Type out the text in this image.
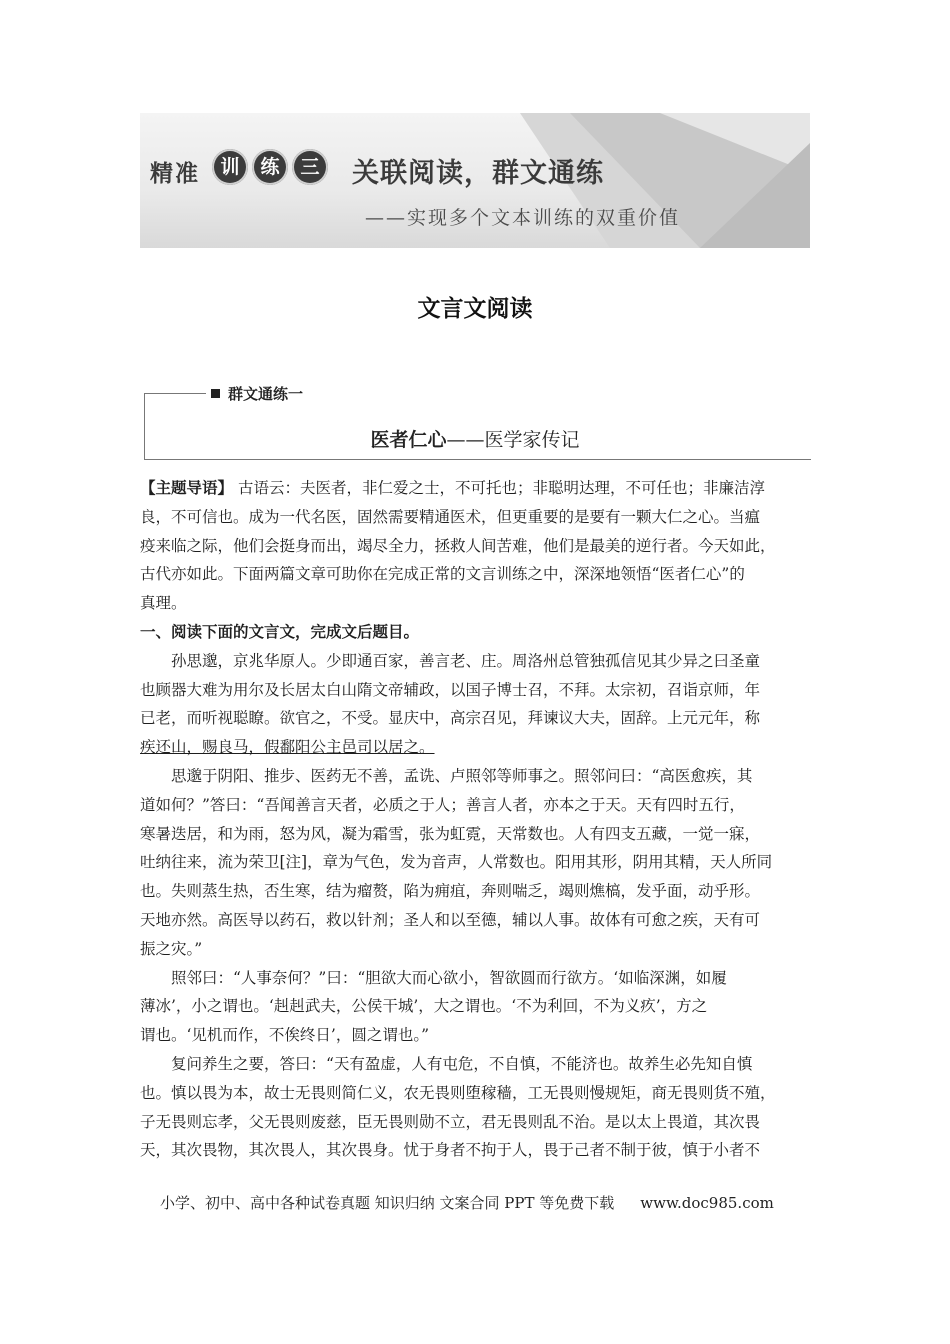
精准	训	练	三	关联阅读，群文通练
——实现多个文本训练的双重价值
文言文阅读
群文通练一
医者仁心——医学家传记
【主题导语】 古语云：夫医者，非仁爱之士，不可托也；非聪明达理，不可任也；非廉洁淳
良，不可信也。成为一代名医，固然需要精通医术，但更重要的是要有一颗大仁之心。当瘟
疫来临之际，他们会挺身而出，竭尽全力，拯救人间苦难，他们是最美的逆行者。今天如此，
古代亦如此。下面两篇文章可助你在完成正常的文言训练之中，深深地领悟“医者仁心”的
真理。
一、阅读下面的文言文，完成文后题目。
孙思邈，京兆华原人。少即通百家，善言老、庄。周洛州总管独孤信见其少异之曰圣童
也顾器大难为用尔及长居太白山隋文帝辅政，以国子博士召，不拜。太宗初，召诣京师，年
已老，而听视聪瞭。欲官之，不受。显庆中，高宗召见，拜谏议大夫，固辞。上元元年，称
疾还山，赐良马，假鄱阳公主邑司以居之。
思邈于阴阳、推步、医药无不善，孟诜、卢照邻等师事之。照邻问曰：“高医愈疾，其
道如何？”答曰：“吾闻善言天者，必质之于人；善言人者，亦本之于天。天有四时五行，
寒暑迭居，和为雨，怒为风，凝为霜雪，张为虹霓，天常数也。人有四支五藏，一觉一寐，
吐纳往来，流为荣卫[注]，章为气色，发为音声，人常数也。阳用其形，阴用其精，天人所同
也。失则蒸生热，否生寒，结为瘤赘，陷为痈疽，奔则喘乏，竭则燋槁，发乎面，动乎形。
天地亦然。高医导以药石，救以针剂；圣人和以至德，辅以人事。故体有可愈之疾，天有可
振之灾。”
照邻曰：“人事奈何？”曰：“胆欲大而心欲小，智欲圆而行欲方。‘如临深渊，如履
薄冰’，小之谓也。‘赳赳武夫，公侯干城’，大之谓也。‘不为利回，不为义疚’，方之
谓也。‘见机而作，不俟终日’，圆之谓也。”
复问养生之要，答曰：“天有盈虚，人有屯危，不自慎，不能济也。故养生必先知自慎
也。慎以畏为本，故士无畏则简仁义，农无畏则堕稼穑，工无畏则慢规矩，商无畏则货不殖，
子无畏则忘孝，父无畏则废慈，臣无畏则勋不立，君无畏则乱不治。是以太上畏道，其次畏
天，其次畏物，其次畏人，其次畏身。忧于身者不拘于人，畏于己者不制于彼，慎于小者不
小学、初中、高中各种试卷真题 知识归纳 文案合同 PPT 等免费下载 www.doc985.com
